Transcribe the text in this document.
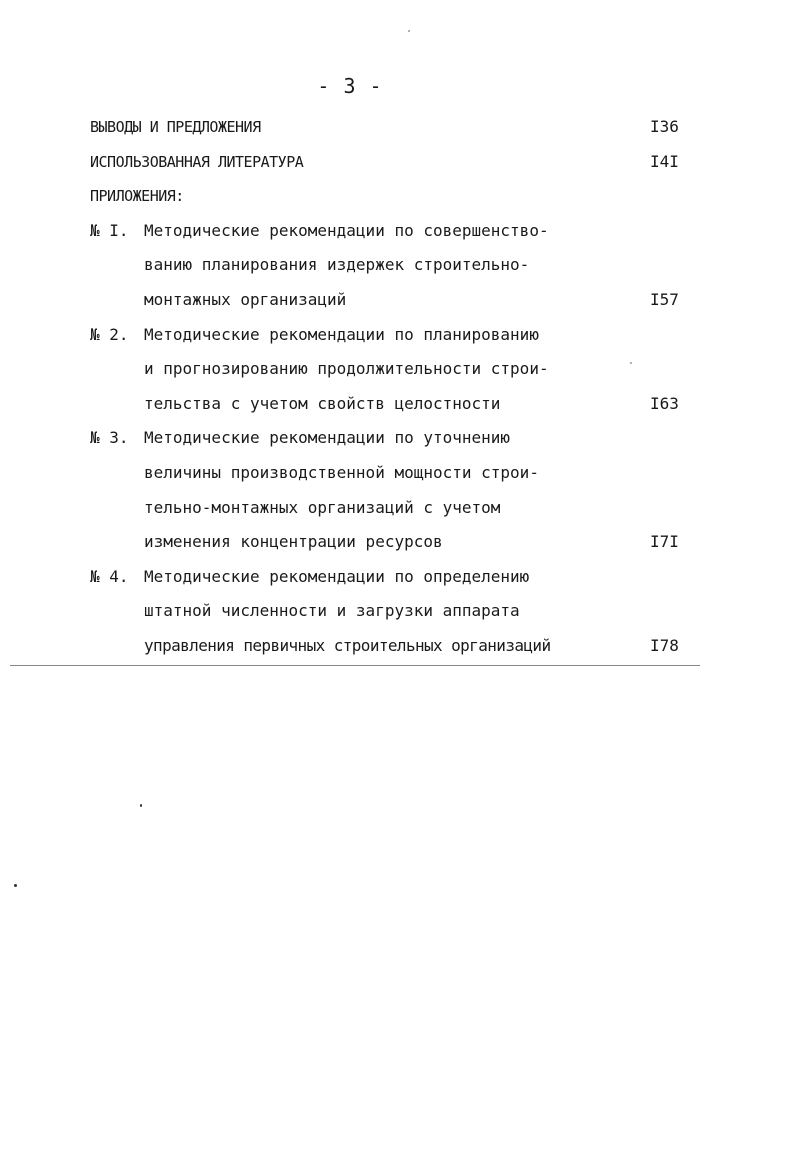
- 3 -
ВЫВОДЫ И ПРЕДЛОЖЕНИЯ	I36
ИСПОЛЬЗОВАННАЯ ЛИТЕРАТУРА	I4I
ПРИЛОЖЕНИЯ:
№ I. Методические рекомендации по совершенство-
ванию планирования издержек строительно-
монтажных организаций	I57
№ 2. Методические рекомендации по планированию
и прогнозированию продолжительности строи-
тельства с учетом свойств целостности	I63
№ 3. Методические рекомендации по уточнению
величины производственной мощности строи-
тельно-монтажных организаций с учетом
изменения концентрации ресурсов	I7I
№ 4. Методические рекомендации по определению
штатной численности и загрузки аппарата
управления первичных строительных организаций	I78
